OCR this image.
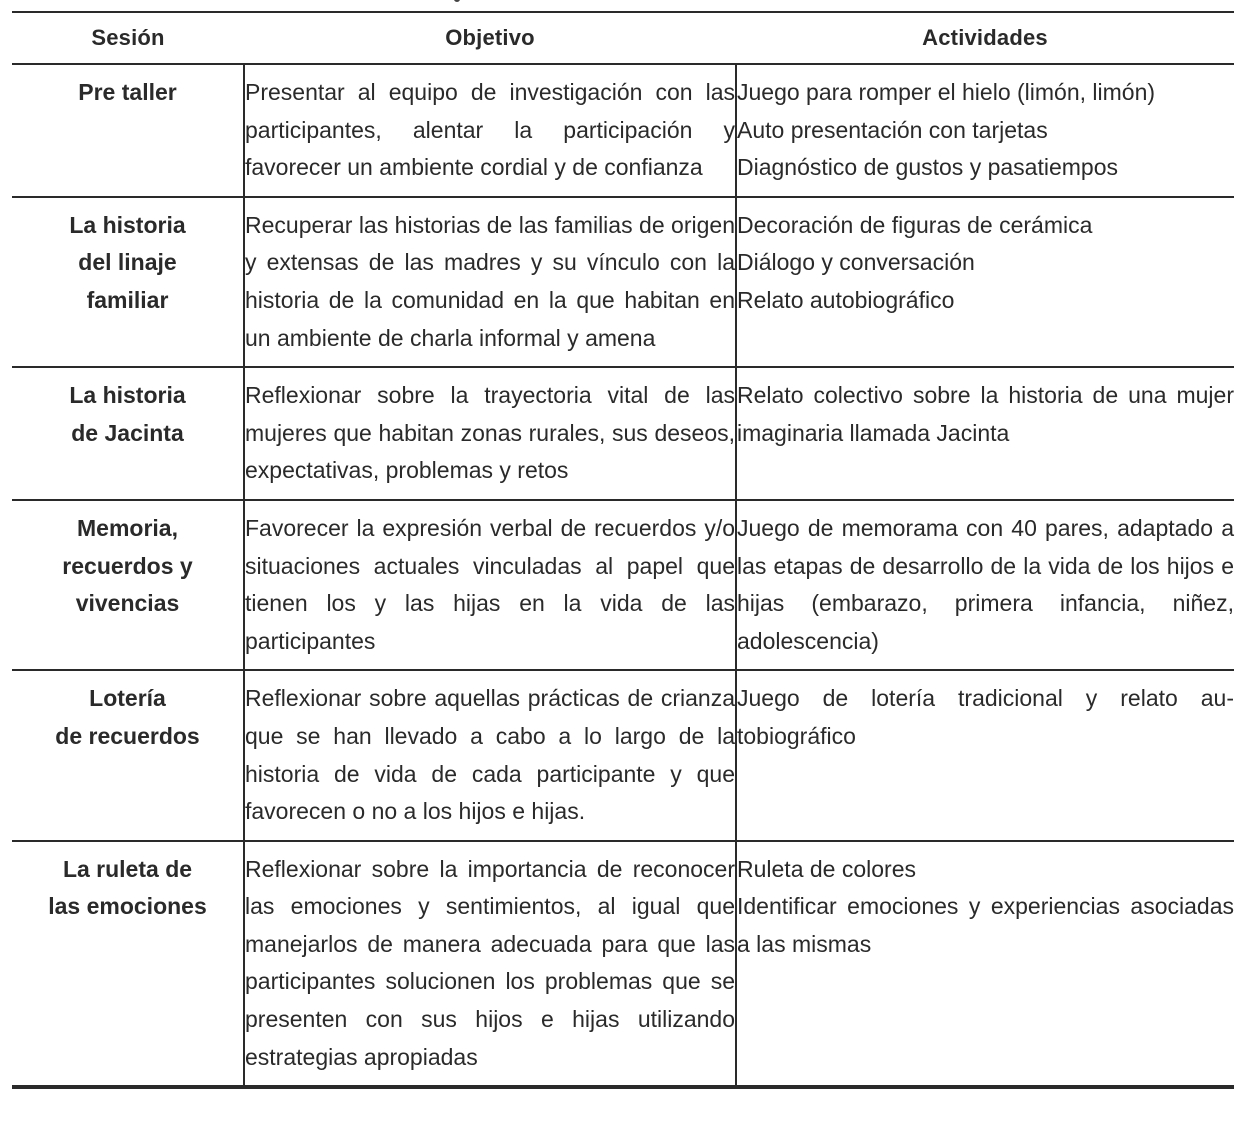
Sesión	Objetivo	Actividades
Pre taller	Presentar al equipo de investigación con las participantes, alentar la participación y favorecer un ambiente cordial y de confianza	Juego para romper el hielo (limón, limón)
Auto presentación con tarjetas
Diagnóstico de gustos y pasatiempos

La historia
del linaje
familiar	Recuperar las historias de las familias de origen y extensas de las madres y su vínculo con la historia de la comunidad en la que habitan en un ambiente de charla informal y amena	Decoración de figuras de cerámica
Diálogo y conversación
Relato autobiográfico

La historia
de Jacinta	Reflexionar sobre la trayectoria vital de las mujeres que habitan zonas rurales, sus deseos, expectativas, problemas y retos	Relato colectivo sobre la historia de una mujer imaginaria llamada Jacinta

Memoria,
recuerdos y
vivencias	Favorecer la expresión verbal de recuerdos y/o situaciones actuales vinculadas al papel que tienen los y las hijas en la vida de las participantes	Juego de memorama con 40 pares, adaptado a las etapas de desarrollo de la vida de los hijos e hijas (embarazo, primera infancia, niñez, adolescencia)

Lotería
de recuerdos	Reflexionar sobre aquellas prácticas de crianza que se han llevado a cabo a lo largo de la historia de vida de cada participante y que favorecen o no a los hijos e hijas.	Juego de lotería tradicional y relato autobiográfico

La ruleta de
las emociones	Reflexionar sobre la importancia de reconocer las emociones y sentimientos, al igual que manejarlos de manera adecuada para que las participantes solucionen los problemas que se presenten con sus hijos e hijas utilizando estrategias apropiadas	Ruleta de colores
Identificar emociones y experiencias asociadas a las mismas
